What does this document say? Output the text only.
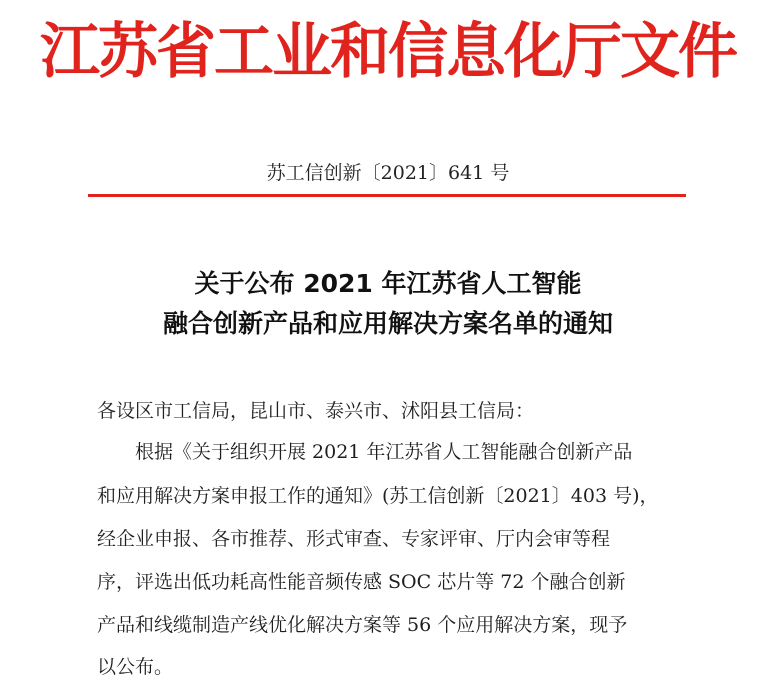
江苏省工业和信息化厅文件
苏工信创新〔2021〕641 号
关于公布 2021 年江苏省人工智能
融合创新产品和应用解决方案名单的通知
各设区市工信局，昆山市、泰兴市、沭阳县工信局：
根据《关于组织开展 2021 年江苏省人工智能融合创新产品
和应用解决方案申报工作的通知》(苏工信创新〔2021〕403 号)，
经企业申报、各市推荐、形式审查、专家评审、厅内会审等程
序，评选出低功耗高性能音频传感 SOC 芯片等 72 个融合创新
产品和线缆制造产线优化解决方案等 56 个应用解决方案，现予
以公布。
